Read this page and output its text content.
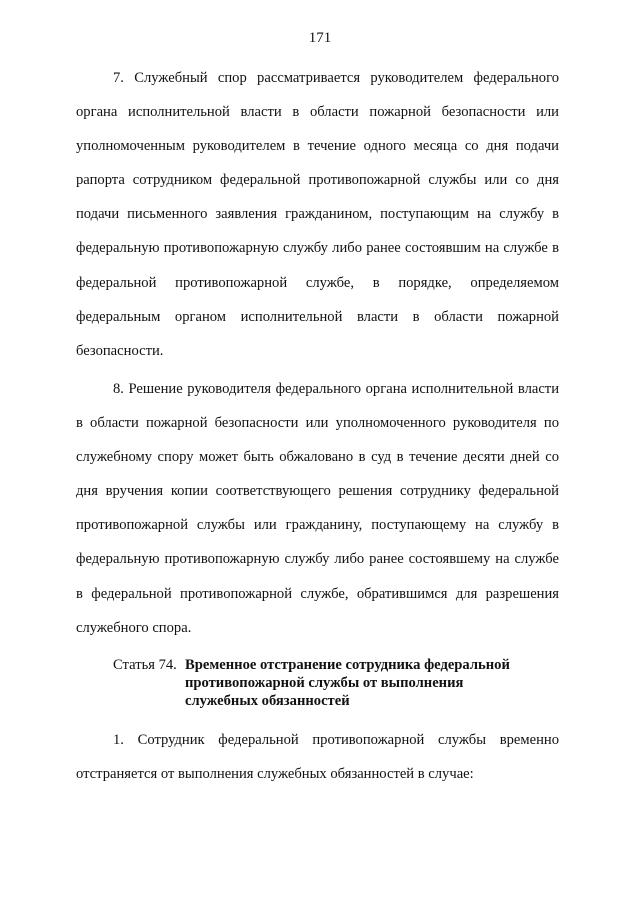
171

7. Служебный спор рассматривается руководителем федерального органа исполнительной власти в области пожарной безопасности или уполномоченным руководителем в течение одного месяца со дня подачи рапорта сотрудником федеральной противопожарной службы или со дня подачи письменного заявления гражданином, поступающим на службу в федеральную противопожарную службу либо ранее состоявшим на службе в федеральной противопожарной службе, в порядке, определяемом федеральным органом исполнительной власти в области пожарной безопасности.

8. Решение руководителя федерального органа исполнительной власти в области пожарной безопасности или уполномоченного руководителя по служебному спору может быть обжаловано в суд в течение десяти дней со дня вручения копии соответствующего решения сотруднику федеральной противопожарной службы или гражданину, поступающему на службу в федеральную противопожарную службу либо ранее состоявшему на службе в федеральной противопожарной службе, обратившимся для разрешения служебного спора.

Статья 74. Временное отстранение сотрудника федеральной противопожарной службы от выполнения служебных обязанностей

1. Сотрудник федеральной противопожарной службы временно отстраняется от выполнения служебных обязанностей в случае:
